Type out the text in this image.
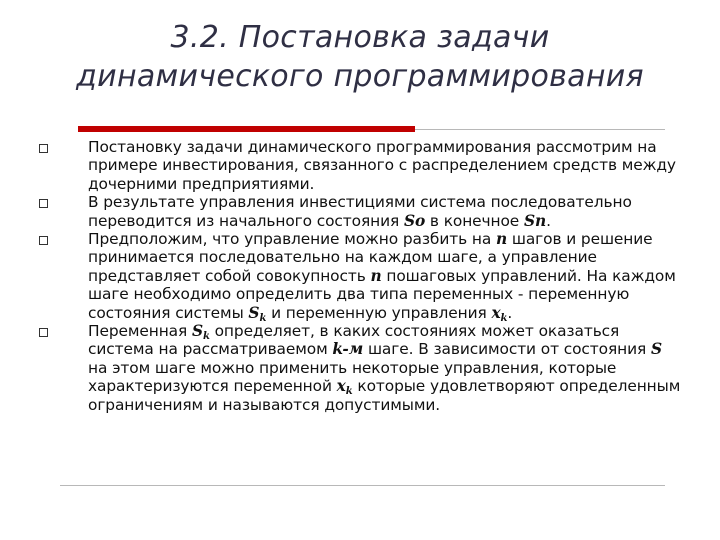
3.2. Постановка задачи
динамического программирования
Постановку задачи динамического программирования рассмотрим на примере инвестирования, связанного с распределением средств между дочерними предприятиями.
В результате управления инвестициями система последовательно переводится из начального состояния So в конечное Sn.
Предположим, что управление можно разбить на n шагов и решение принимается последовательно на каждом шаге, а управление представляет собой совокупность n пошаговых управлений. На каждом шаге необходимо определить два типа переменных - переменную состояния системы $S_k$ и переменную управления $x_k$.
Переменная $S_k$ определяет, в каких состояниях может оказаться система на рассматриваемом k-м шаге. В зависимости от состояния S на этом шаге можно применить некоторые управления, которые характеризуются переменной $x_k$ которые удовлетворяют определенным ограничениям и называются допустимыми.
